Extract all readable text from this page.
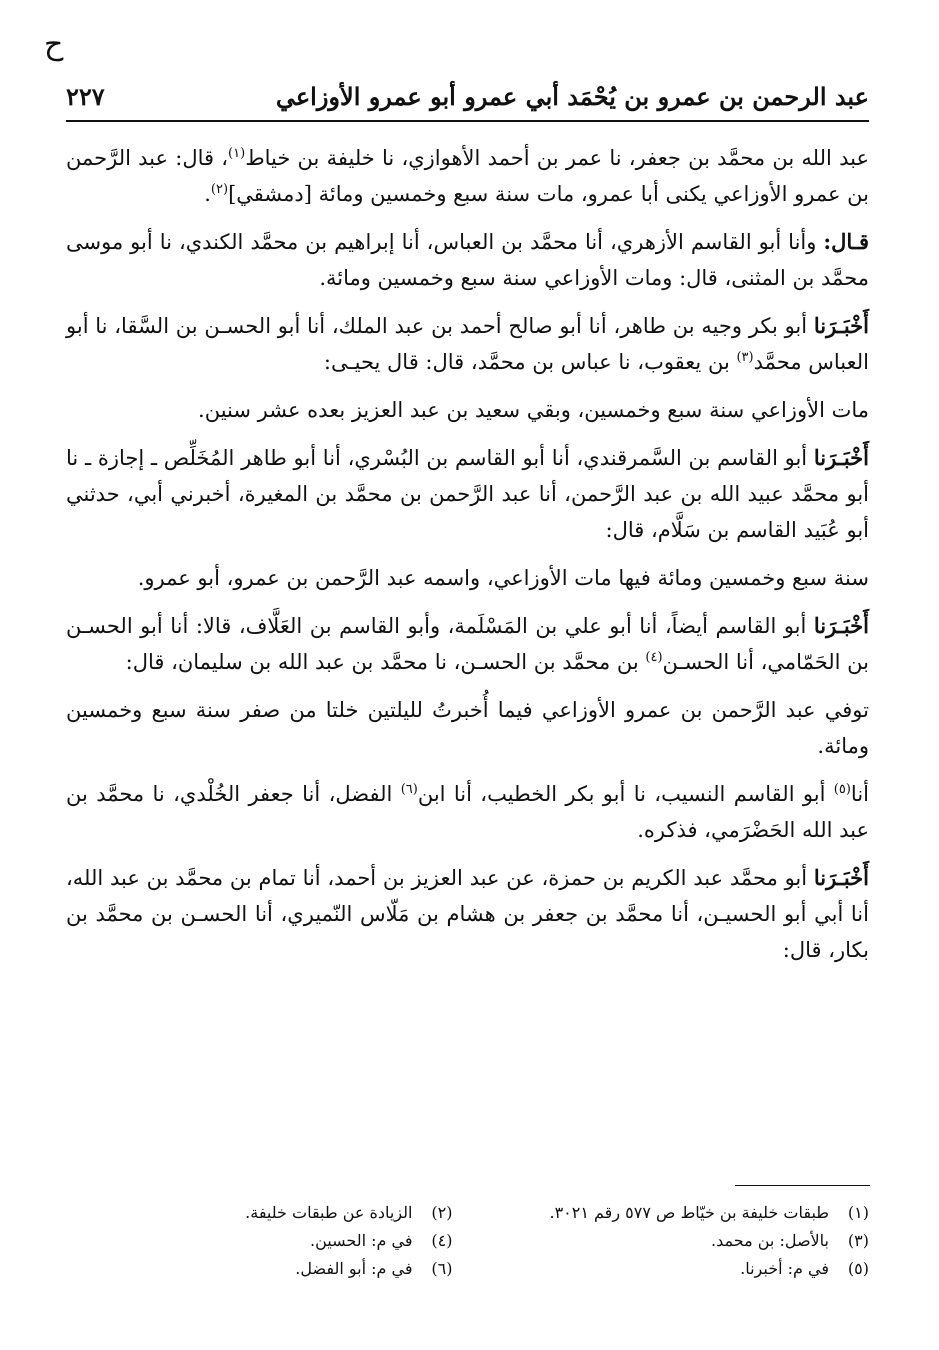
ح
عبد الرحمن بن عمرو بن يُحْمَد أبي عمرو أبو عمرو الأوزاعي
٢٢٧

عبد الله بن محمَّد بن جعفر، نا عمر بن أحمد الأهوازي، نا خليفة بن خياط$^{(١)}$، قال: عبد الرَّحمن بن عمرو الأوزاعي يكنى أبا عمرو، مات سنة سبع وخمسين ومائة [دمشقي]$^{(٢)}$.

قـال: وأنا أبو القاسم الأزهري، أنا محمَّد بن العباس، أنا إبراهيم بن محمَّد الكندي، نا أبو موسى محمَّد بن المثنى، قال: ومات الأوزاعي سنة سبع وخمسين ومائة.

أَخْبَـرَنا أبو بكر وجيه بن طاهر، أنا أبو صالح أحمد بن عبد الملك، أنا أبو الحسـن بن السَّقا، نا أبو العباس محمَّد$^{(٣)}$ بن يعقوب، نا عباس بن محمَّد، قال: قال يحيـى:

مات الأوزاعي سنة سبع وخمسين، وبقي سعيد بن عبد العزيز بعده عشر سنين.

أَخْبَـرَنا أبو القاسم بن السَّمرقندي، أنا أبو القاسم بن البُسْري، أنا أبو طاهر المُخَلِّص ـ إجازة ـ نا أبو محمَّد عبيد الله بن عبد الرَّحمن، أنا عبد الرَّحمن بن محمَّد بن المغيرة، أخبرني أبي، حدثني أبو عُبَيد القاسم بن سَلَّام، قال:

سنة سبع وخمسين ومائة فيها مات الأوزاعي، واسمه عبد الرَّحمن بن عمرو، أبو عمرو.

أَخْبَـرَنا أبو القاسم أيضاً، أنا أبو علي بن المَسْلَمة، وأبو القاسم بن العَلَّاف، قالا: أنا أبو الحسـن بن الحَمّامي، أنا الحسـن$^{(٤)}$ بن محمَّد بن الحسـن، نا محمَّد بن عبد الله بن سليمان، قال:

توفي عبد الرَّحمن بن عمرو الأوزاعي فيما أُخبرتُ لليلتين خلتا من صفر سنة سبع وخمسين ومائة.

أنا$^{(٥)}$ أبو القاسم النسيب، نا أبو بكر الخطيب، أنا ابن$^{(٦)}$ الفضل، أنا جعفر الخُلْدي، نا محمَّد بن عبد الله الحَضْرَمي، فذكره.

أَخْبَـرَنا أبو محمَّد عبد الكريم بن حمزة، عن عبد العزيز بن أحمد، أنا تمام بن محمَّد بن عبد الله، أنا أبي أبو الحسيـن، أنا محمَّد بن جعفر بن هشام بن مَلّاس النّميري، أنا الحسـن بن محمَّد بن بكار، قال:

(١)طبقات خليفة بن خيّاط ص ٥٧٧ رقم ٣٠٢١.
(٢)الزيادة عن طبقات خليفة.
(٣)بالأصل: بن محمد.
(٤)في م: الحسين.
(٥)في م: أخبرنا.
(٦)في م: أبو الفضل.
